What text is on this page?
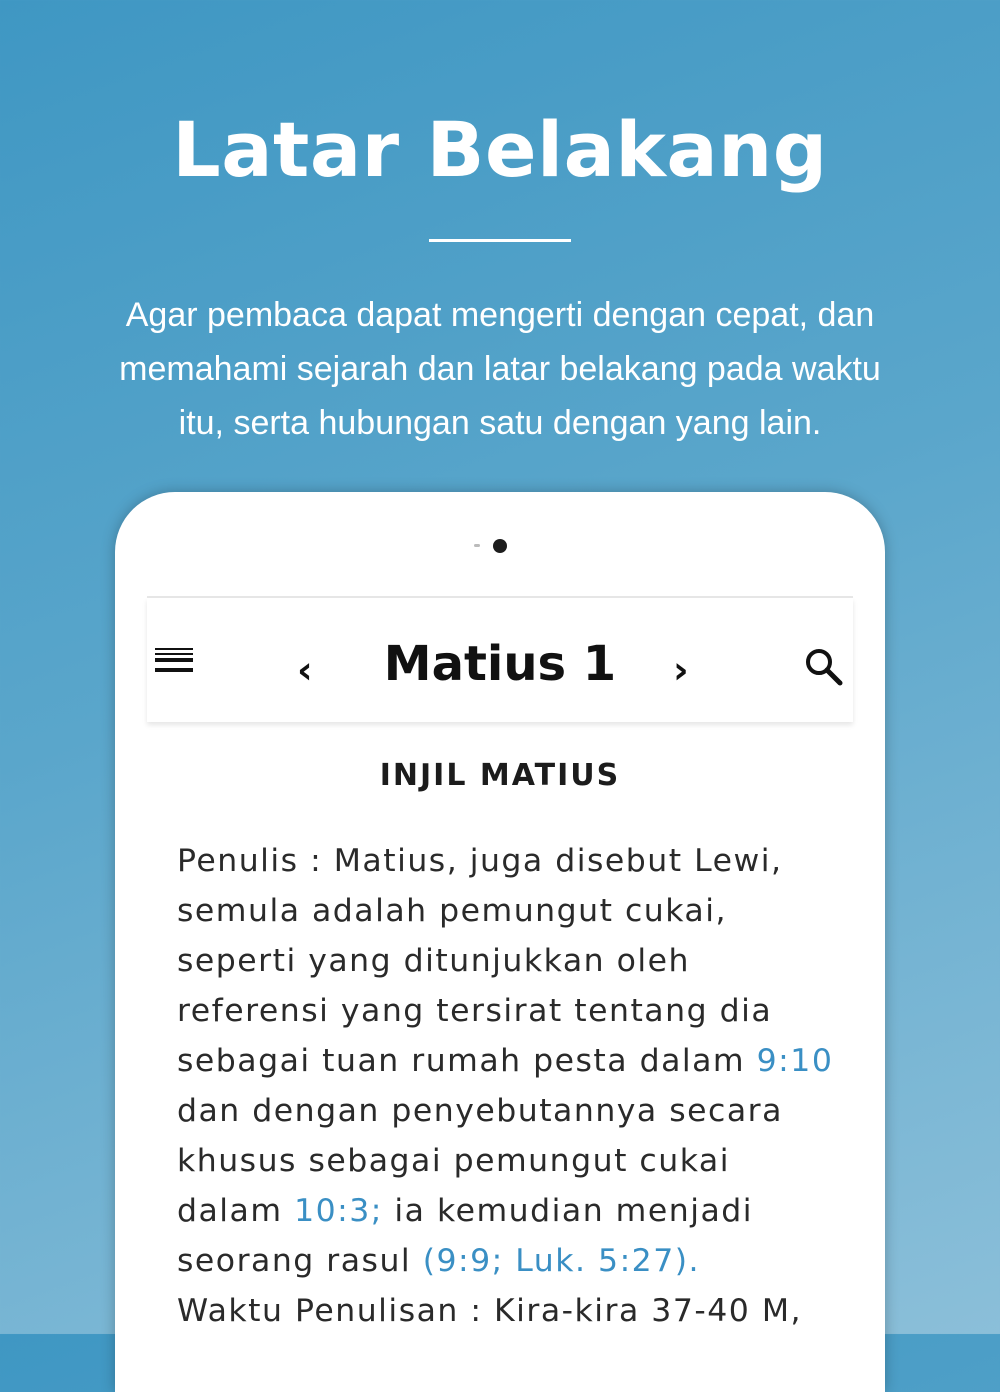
Latar Belakang
Agar pembaca dapat mengerti dengan cepat, dan
memahami sejarah dan latar belakang pada waktu
itu, serta hubungan satu dengan yang lain.
‹	Matius 1	›
INJIL MATIUS
Penulis : Matius, juga disebut Lewi,
semula adalah pemungut cukai,
seperti yang ditunjukkan oleh
referensi yang tersirat tentang dia
sebagai tuan rumah pesta dalam 9:10
dan dengan penyebutannya secara
khusus sebagai pemungut cukai
dalam 10:3; ia kemudian menjadi
seorang rasul (9:9; Luk. 5:27).
Waktu Penulisan : Kira-kira 37-40 M,
